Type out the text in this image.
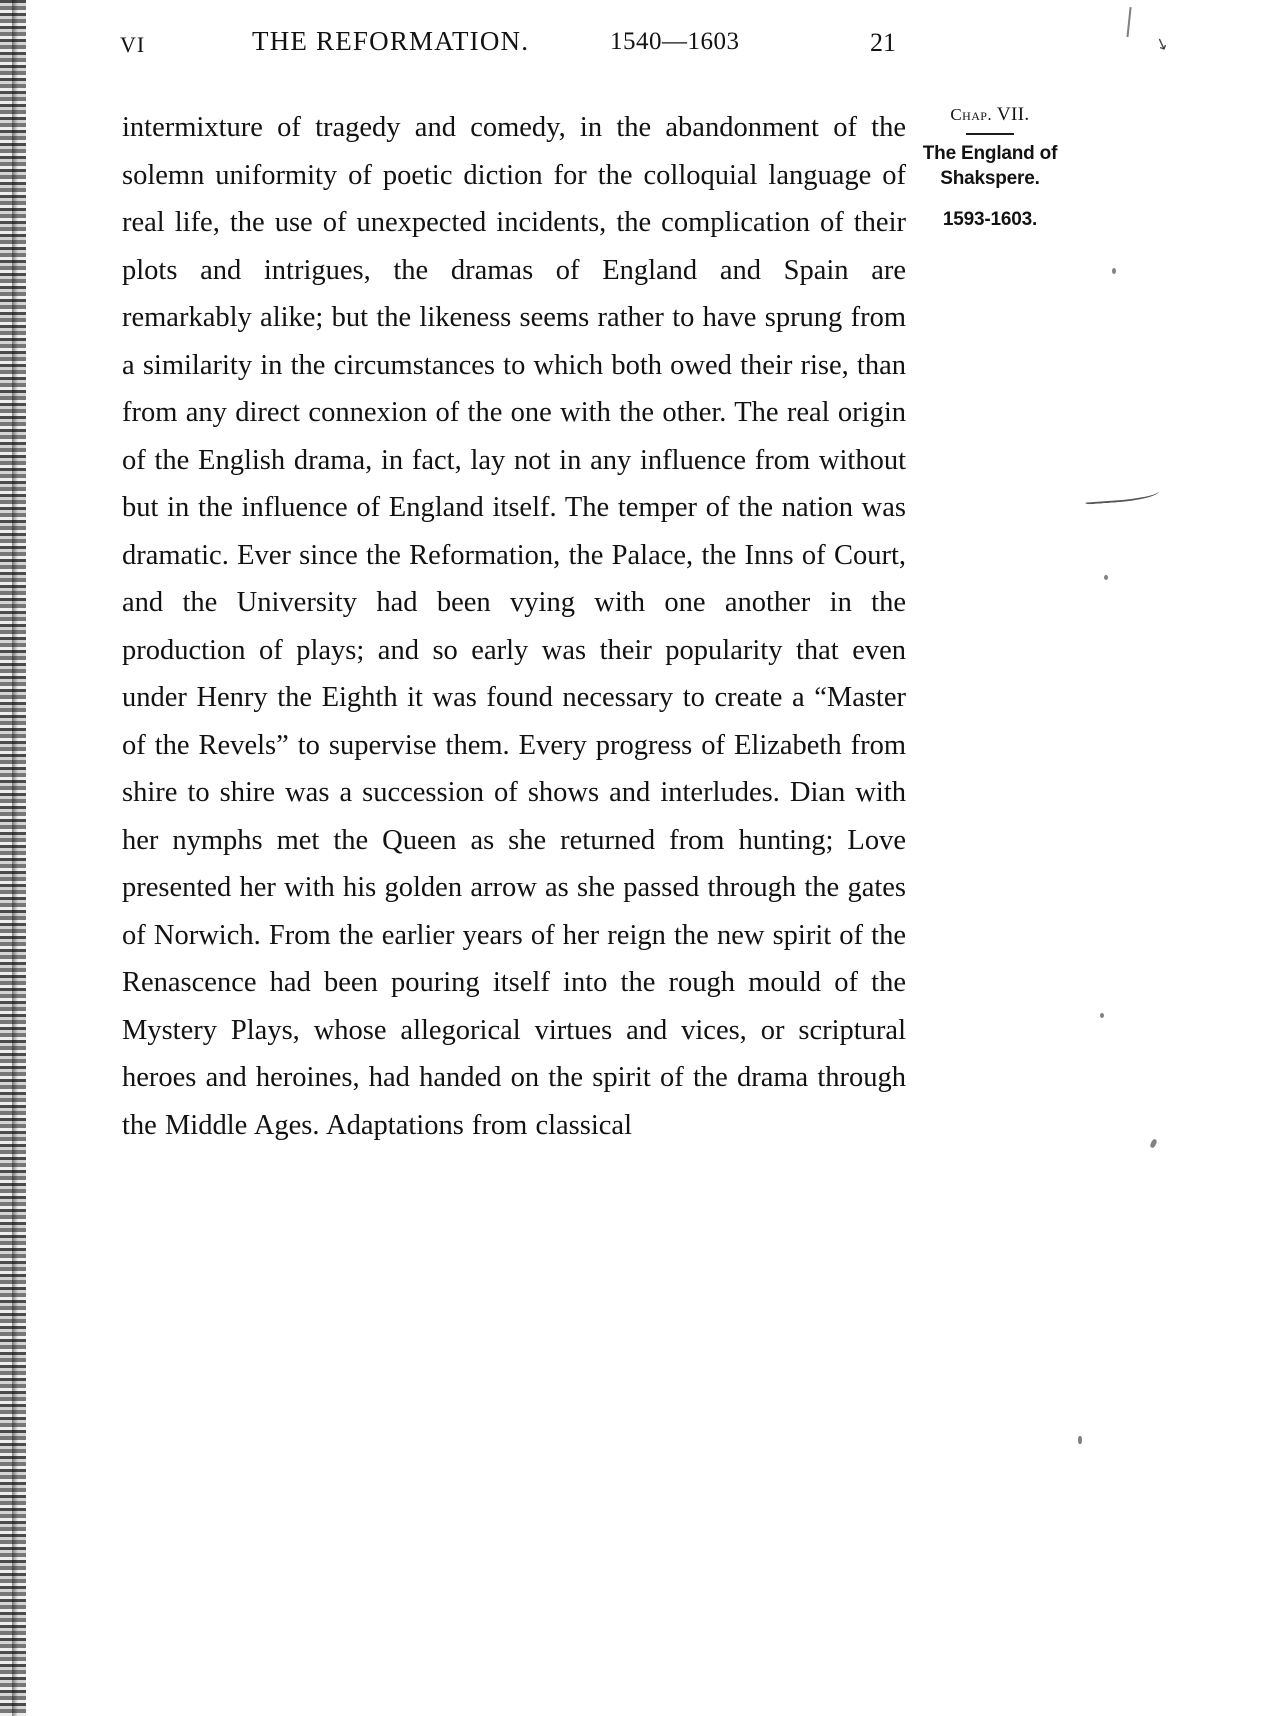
VI	THE REFORMATION.	1540—1603	21

intermixture of tragedy and comedy, in the abandonment of the solemn uniformity of poetic diction for the colloquial language of real life, the use of unexpected incidents, the complication of their plots and intrigues, the dramas of England and Spain are remarkably alike; but the likeness seems rather to have sprung from a similarity in the circumstances to which both owed their rise, than from any direct connexion of the one with the other. The real origin of the English drama, in fact, lay not in any influence from without but in the influence of England itself. The temper of the nation was dramatic. Ever since the Reformation, the Palace, the Inns of Court, and the University had been vying with one another in the production of plays; and so early was their popularity that even under Henry the Eighth it was found necessary to create a “Master of the Revels” to supervise them. Every progress of Elizabeth from shire to shire was a succession of shows and interludes. Dian with her nymphs met the Queen as she returned from hunting; Love presented her with his golden arrow as she passed through the gates of Norwich. From the earlier years of her reign the new spirit of the Renascence had been pouring itself into the rough mould of the Mystery Plays, whose allegorical virtues and vices, or scriptural heroes and heroines, had handed on the spirit of the drama through the Middle Ages. Adaptations from classical

Chap. VII.
The England of Shakspere.
1593-1603.
↘
